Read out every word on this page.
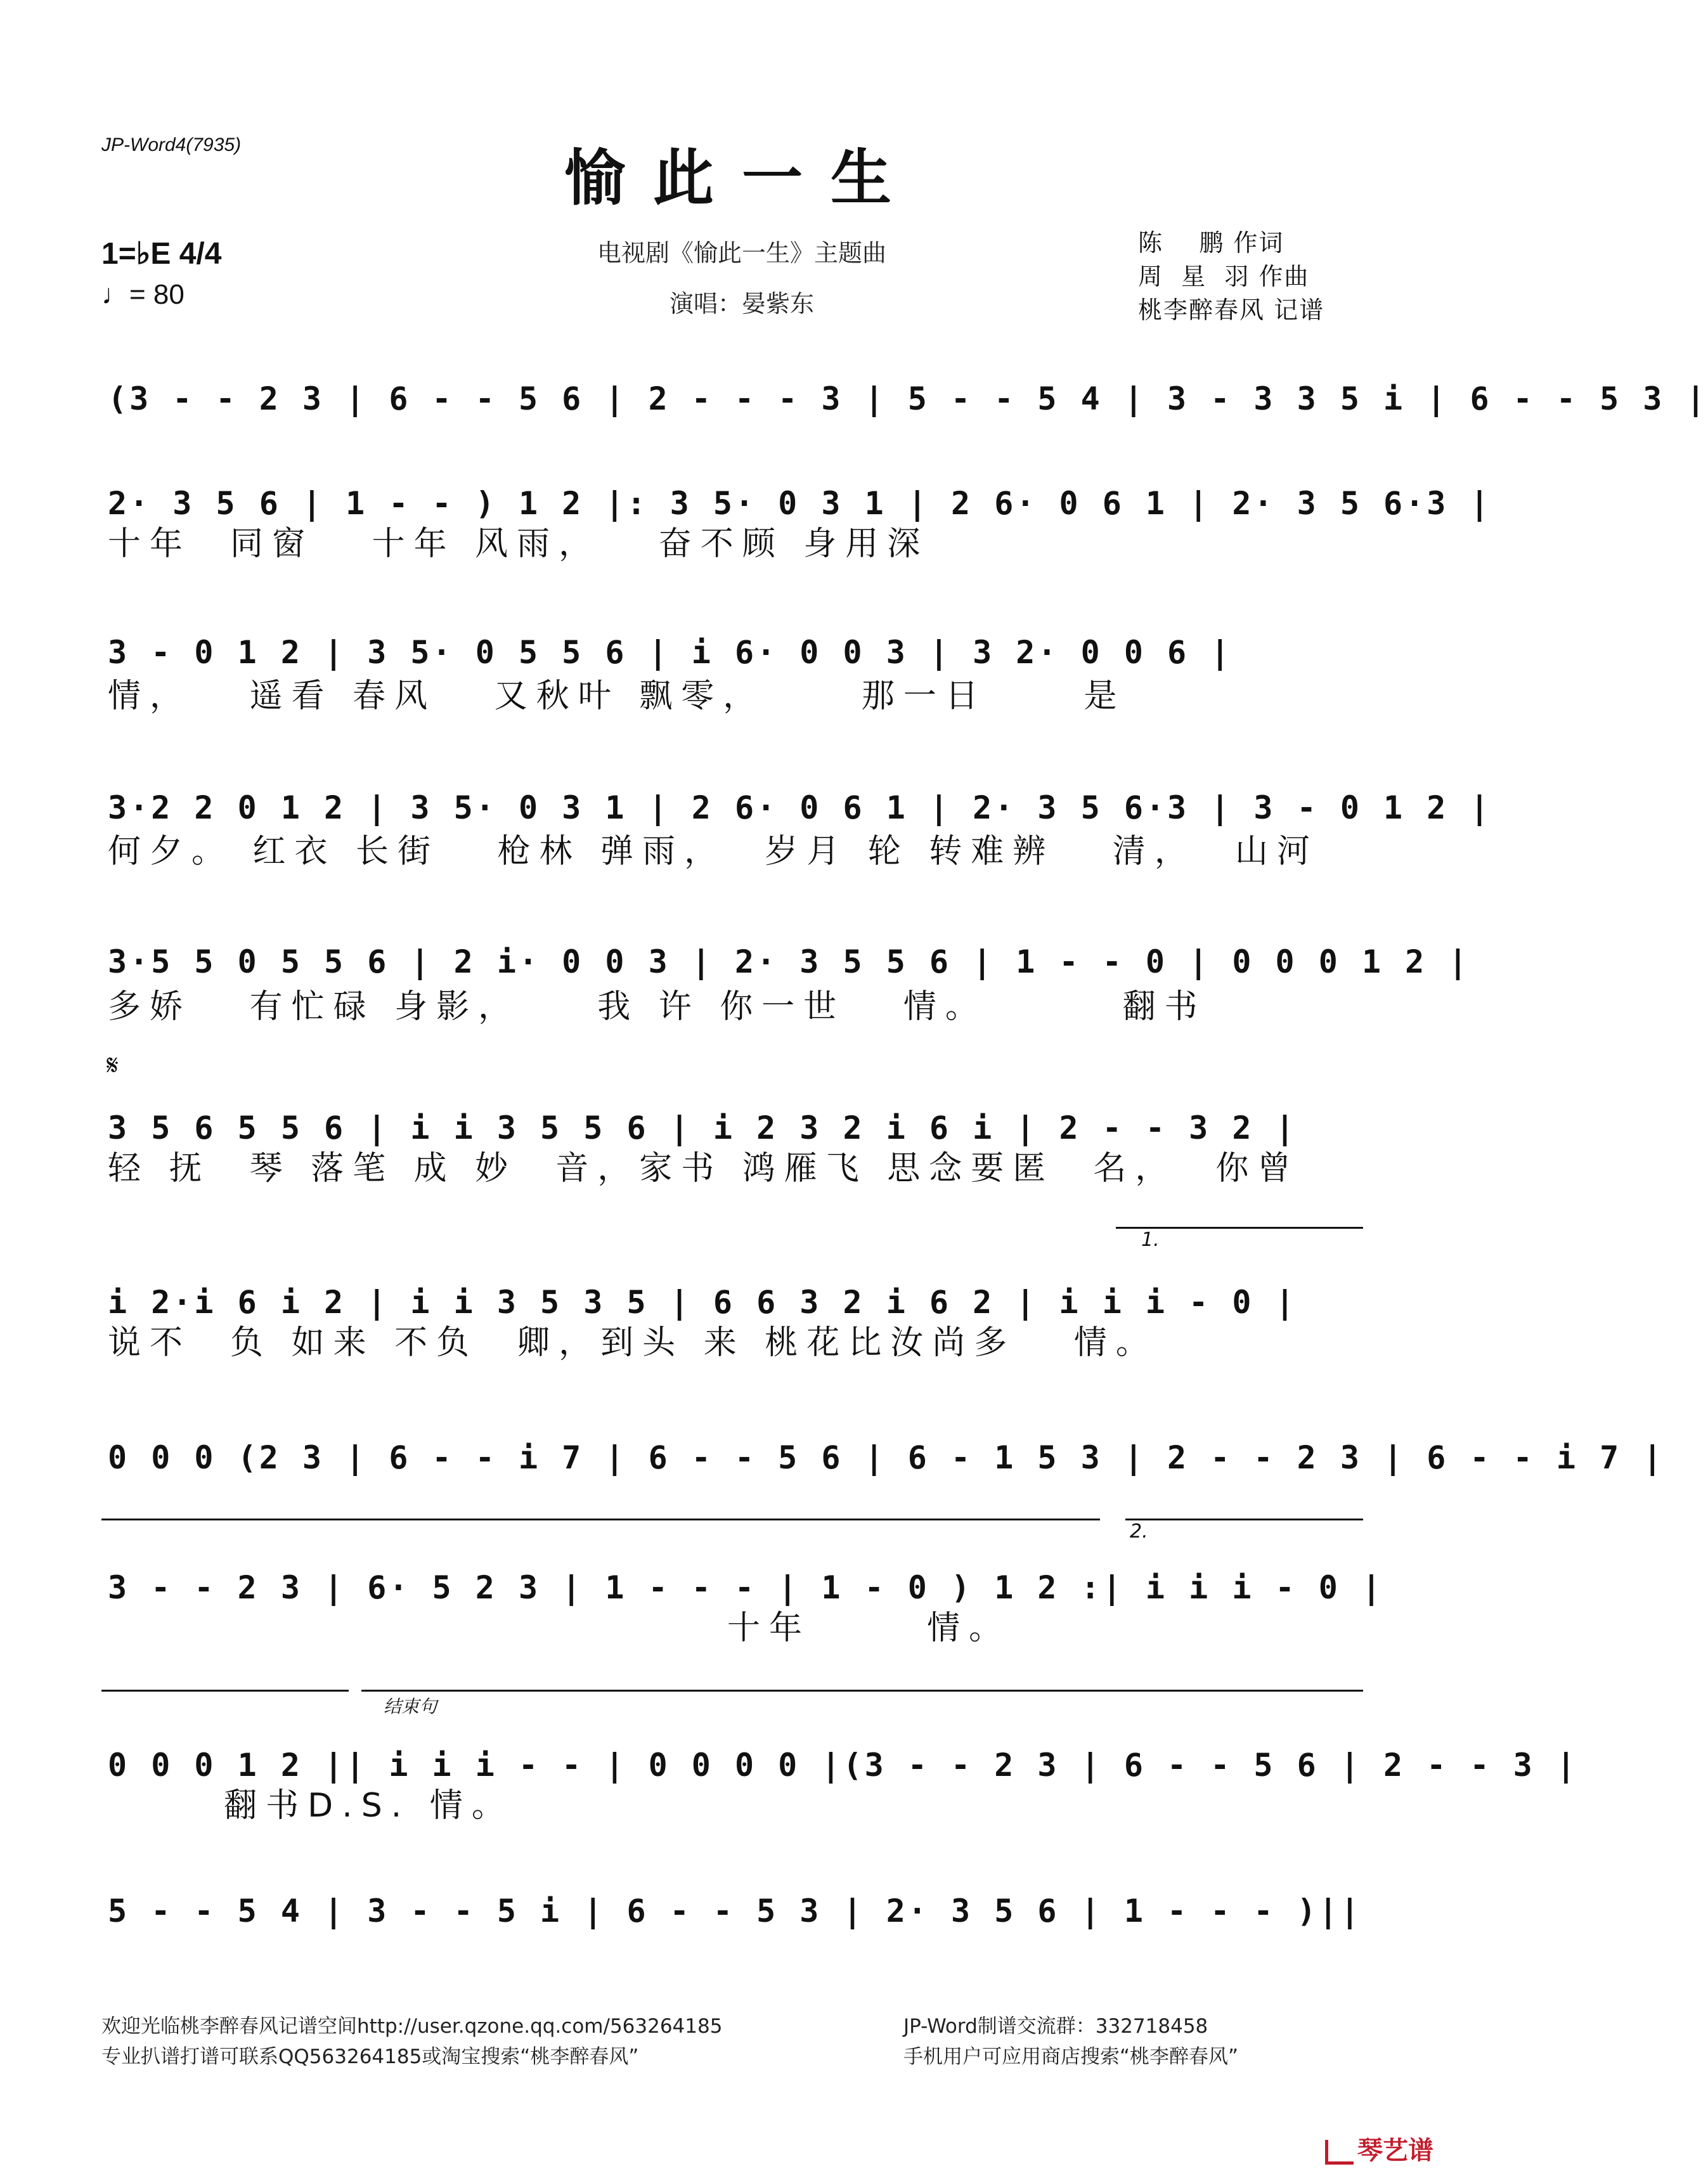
JP-Word4(7935)	愉此一生
电视剧《愉此一生》主题曲
演唱：晏紫东
1=♭E 4/4
♩= 80
陈    鹏 作词
周  星  羽 作曲
桃李醉春风 记谱
(3 - - 2 3 | 6 - - 5 6 | 2 - - - 3 | 5 - - 5 4 | 3 - 3 3 5 i | 6 - - 5 3 |
2· 3 5 6 | 1 - - ) 1 2 |: 3 5· 0 3 1 | 2 6· 0 6 1 | 2· 3 5 6·3 |
十年  同窗   十年 风雨，   奋不顾 身用深
3 - 0 1 2 | 3 5· 0 5 5 6 | i 6· 0 0 3 | 3 2· 0 0 6 |
情，   遥看 春风   又秋叶 飘零，     那一日     是
3·2 2 0 1 2 | 3 5· 0 3 1 | 2 6· 0 6 1 | 2· 3 5 6·3 | 3 - 0 1 2 |
何夕。 红衣 长街   枪林 弹雨，  岁月 轮 转难辨   清，  山河
3·5 5 0 5 5 6 | 2 i· 0 0 3 | 2· 3 5 5 6 | 1 - - 0 | 0 0 0 1 2 |
多娇   有忙碌 身影，    我 许 你一世   情。       翻书
𝄋
3 5 6 5 5 6 | i i 3 5 5 6 | i 2 3 2 i 6 i | 2 - - 3 2 |
轻 抚  琴 落笔 成 妙  音，家书 鸿雁飞 思念要匿  名，  你曾
1.
i 2·i 6 i 2 | i i 3 5 3 5 | 6 6 3 2 i 6 2 | i i i - 0 |
说不  负 如来 不负  卿，到头 来 桃花比汝尚多   情。
0 0 0 (2 3 | 6 - - i 7 | 6 - - 5 6 | 6 - 1 5 3 | 2 - - 2 3 | 6 - - i 7 |
2.
3 - - 2 3 | 6· 5 2 3 | 1 - - - | 1 - 0 ) 1 2 :| i i i - 0 |
十年      情。
结束句
0 0 0 1 2 || i i i - - | 0 0 0 0 |(3 - - 2 3 | 6 - - 5 6 | 2 - - 3 |
翻书D.S. 情。
5 - - 5 4 | 3 - - 5 i | 6 - - 5 3 | 2· 3 5 6 | 1 - - - )||
欢迎光临桃李醉春风记谱空间http://user.qzone.qq.com/563264185	JP-Word制谱交流群：332718458
专业扒谱打谱可联系QQ563264185或淘宝搜索“桃李醉春风”	手机用户可应用商店搜索“桃李醉春风”
琴艺谱
